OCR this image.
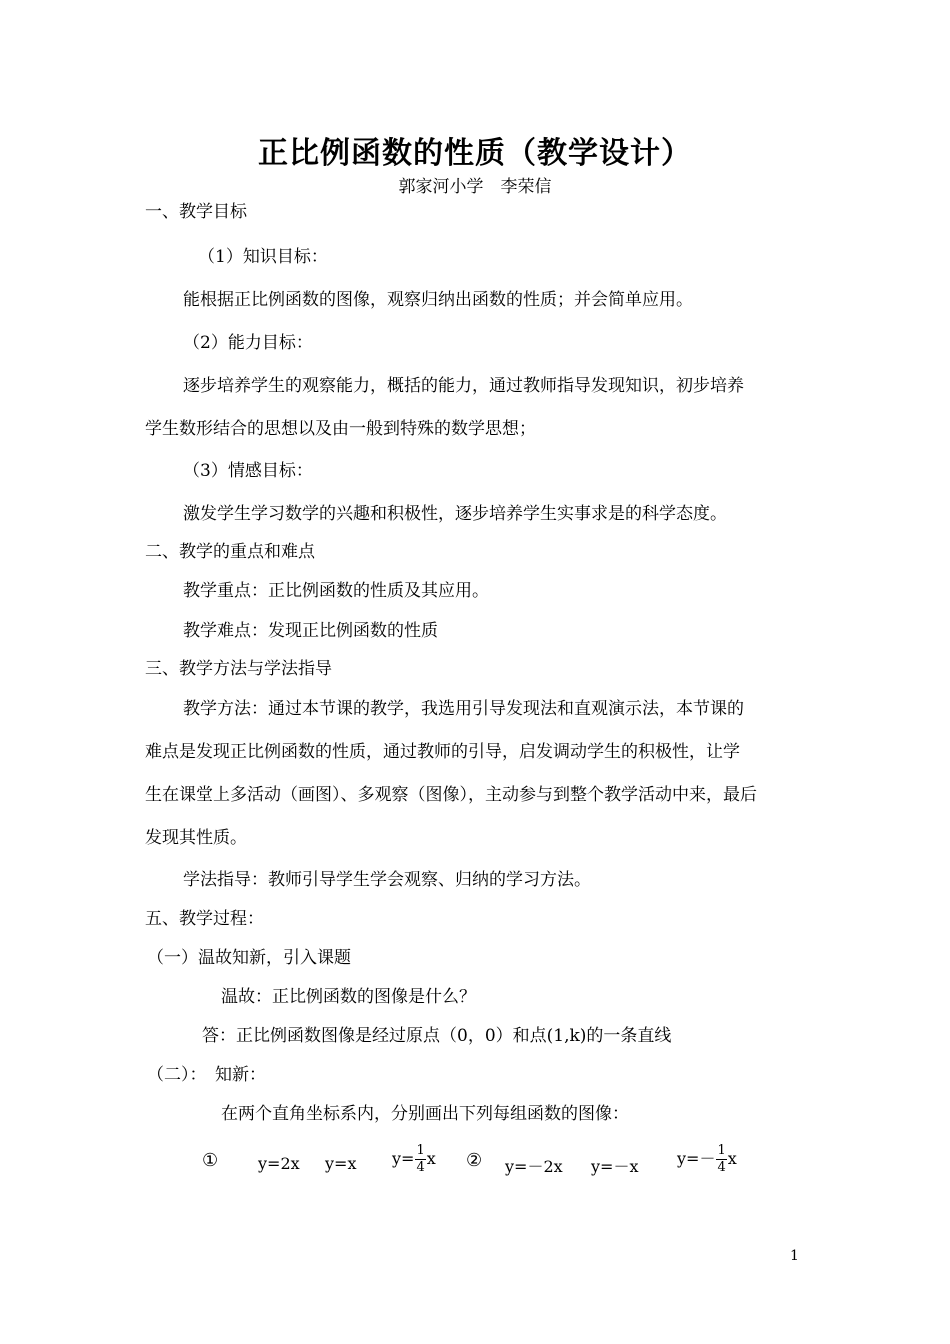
正比例函数的性质（教学设计）
郭家河小学　李荣信
一、教学目标
（1）知识目标：
能根据正比例函数的图像，观察归纳出函数的性质；并会简单应用。
（2）能力目标：
逐步培养学生的观察能力，概括的能力，通过教师指导发现知识，初步培养
学生数形结合的思想以及由一般到特殊的数学思想；
（3）情感目标：
激发学生学习数学的兴趣和积极性，逐步培养学生实事求是的科学态度。
二、教学的重点和难点
教学重点：正比例函数的性质及其应用。
教学难点：发现正比例函数的性质
三、教学方法与学法指导
教学方法：通过本节课的教学，我选用引导发现法和直观演示法，本节课的
难点是发现正比例函数的性质，通过教师的引导，启发调动学生的积极性，让学
生在课堂上多活动（画图）、多观察（图像），主动参与到整个教学活动中来，最后
发现其性质。
学法指导：教师引导学生学会观察、归纳的学习方法。
五、教学过程：
（一）温故知新，引入课题
温故：正比例函数的图像是什么？
答：正比例函数图像是经过原点（0，0）和点(1,k)的一条直线
（二）：　知新：
在两个直角坐标系内，分别画出下列每组函数的图像：
① y=2x y=x $y= \frac{1}{4}$ x ② y=－2x y=－x $y=- \frac{1}{4}$ x
1
